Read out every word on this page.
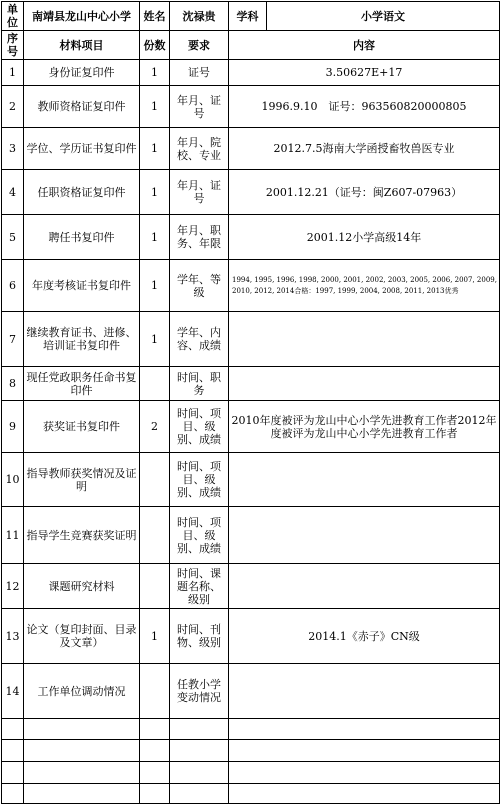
单位	南靖县龙山中心小学	姓名	沈禄贵	学科	小学语文
序号	材料项目	份数	要求	内容	
1	身份证复印件	1	证号	3.50627E+17	
2	教师资格证复印件	1	年月、证号	1996.9.10　证号：963560820000805	
3	学位、学历证书复印件	1	年月、院校、专业	2012.7.5海南大学函授畜牧兽医专业	
4	任职资格证复印件	1	年月、证号	2001.12.21（证号：闽Z607-07963）	
5	聘任书复印件	1	年月、职务、年限	2001.12小学高级14年	
6	年度考核证书复印件	1	学年、等级	1994, 1995, 1996, 1998, 2000, 2001, 2002, 2003, 2005, 2006, 2007, 2009, 2010, 2012, 2014合格：1997, 1999, 2004, 2008, 2011, 2013优秀	
7	继续教育证书、进修、培训证书复印件	1	学年、内容、成绩		
8	现任党政职务任命书复印件		时间、职务		
9	获奖证书复印件	2	时间、项目、级别、成绩	2010年度被评为龙山中心小学先进教育工作者2012年度被评为龙山中心小学先进教育工作者	
10	指导教师获奖情况及证明		时间、项目、级别、成绩		
11	指导学生竞赛获奖证明		时间、项目、级别、成绩		
12	课题研究材料		时间、课题名称、级别		
13	论文（复印封面、目录及文章）	1	时间、刊物、级别	2014.1《赤子》CN级	
14	工作单位调动情况		任教小学变动情况		
